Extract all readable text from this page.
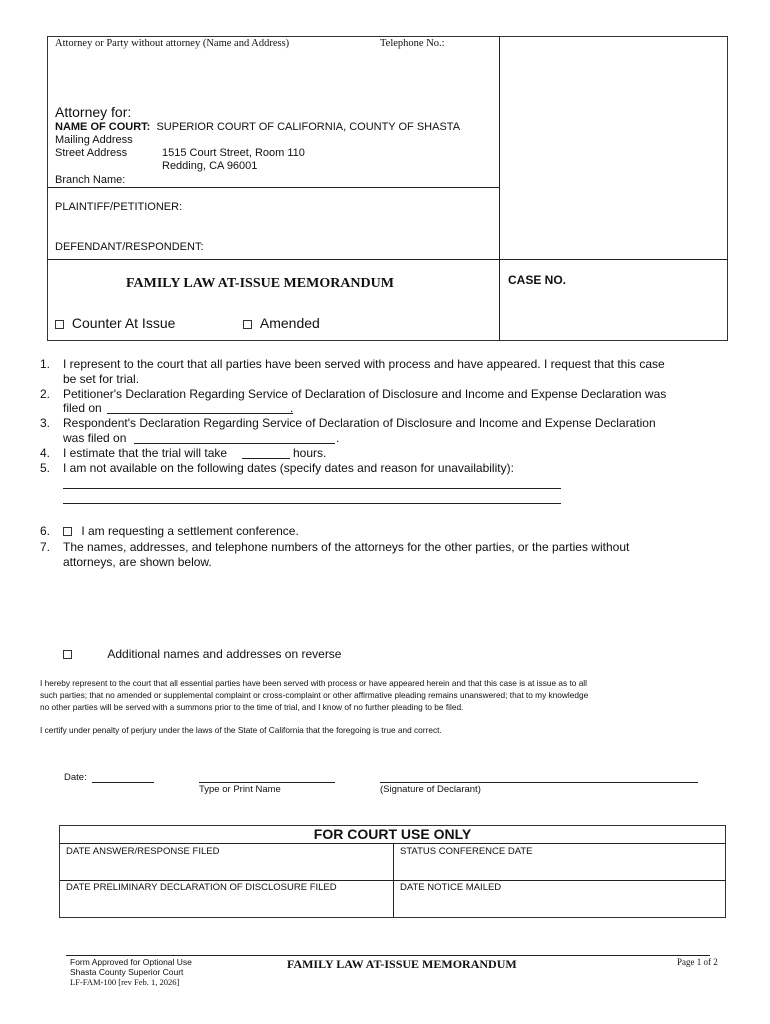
Attorney or Party without attorney (Name and Address)	Telephone No.:
Attorney for:
NAME OF COURT: SUPERIOR COURT OF CALIFORNIA, COUNTY OF SHASTA
Mailing Address
Street Address	1515 Court Street, Room 110
Redding, CA 96001
Branch Name:
PLAINTIFF/PETITIONER:
DEFENDANT/RESPONDENT:
FAMILY LAW AT-ISSUE MEMORANDUM	CASE NO.
Counter At Issue	Amended
1. I represent to the court that all parties have been served with process and have appeared. I request that this case
be set for trial.
2. Petitioner's Declaration Regarding Service of Declaration of Disclosure and Income and Expense Declaration was
filed on	.
3. Respondent's Declaration Regarding Service of Declaration of Disclosure and Income and Expense Declaration
was filed on	.
4. I estimate that the trial will take	hours.
5. I am not available on the following dates (specify dates and reason for unavailability):
6.	I am requesting a settlement conference.
7. The names, addresses, and telephone numbers of the attorneys for the other parties, or the parties without
attorneys, are shown below.
Additional names and addresses on reverse
I hereby represent to the court that all essential parties have been served with process or have appeared herein and that this case is at issue as to all
such parties; that no amended or supplemental complaint or cross-complaint or other affirmative pleading remains unanswered; that to my knowledge
no other parties will be served with a summons prior to the time of trial, and I know of no further pleading to be filed.
I certify under penalty of perjury under the laws of the State of California that the foregoing is true and correct.
Date:
Type or Print Name	(Signature of Declarant)
FOR COURT USE ONLY
DATE ANSWER/RESPONSE FILED	STATUS CONFERENCE DATE
DATE PRELIMINARY DECLARATION OF DISCLOSURE FILED	DATE NOTICE MAILED
Form Approved for Optional Use
Shasta County Superior Court
LF-FAM-100 [rev Feb. 1, 2026]
FAMILY LAW AT-ISSUE MEMORANDUM	Page 1 of 2
